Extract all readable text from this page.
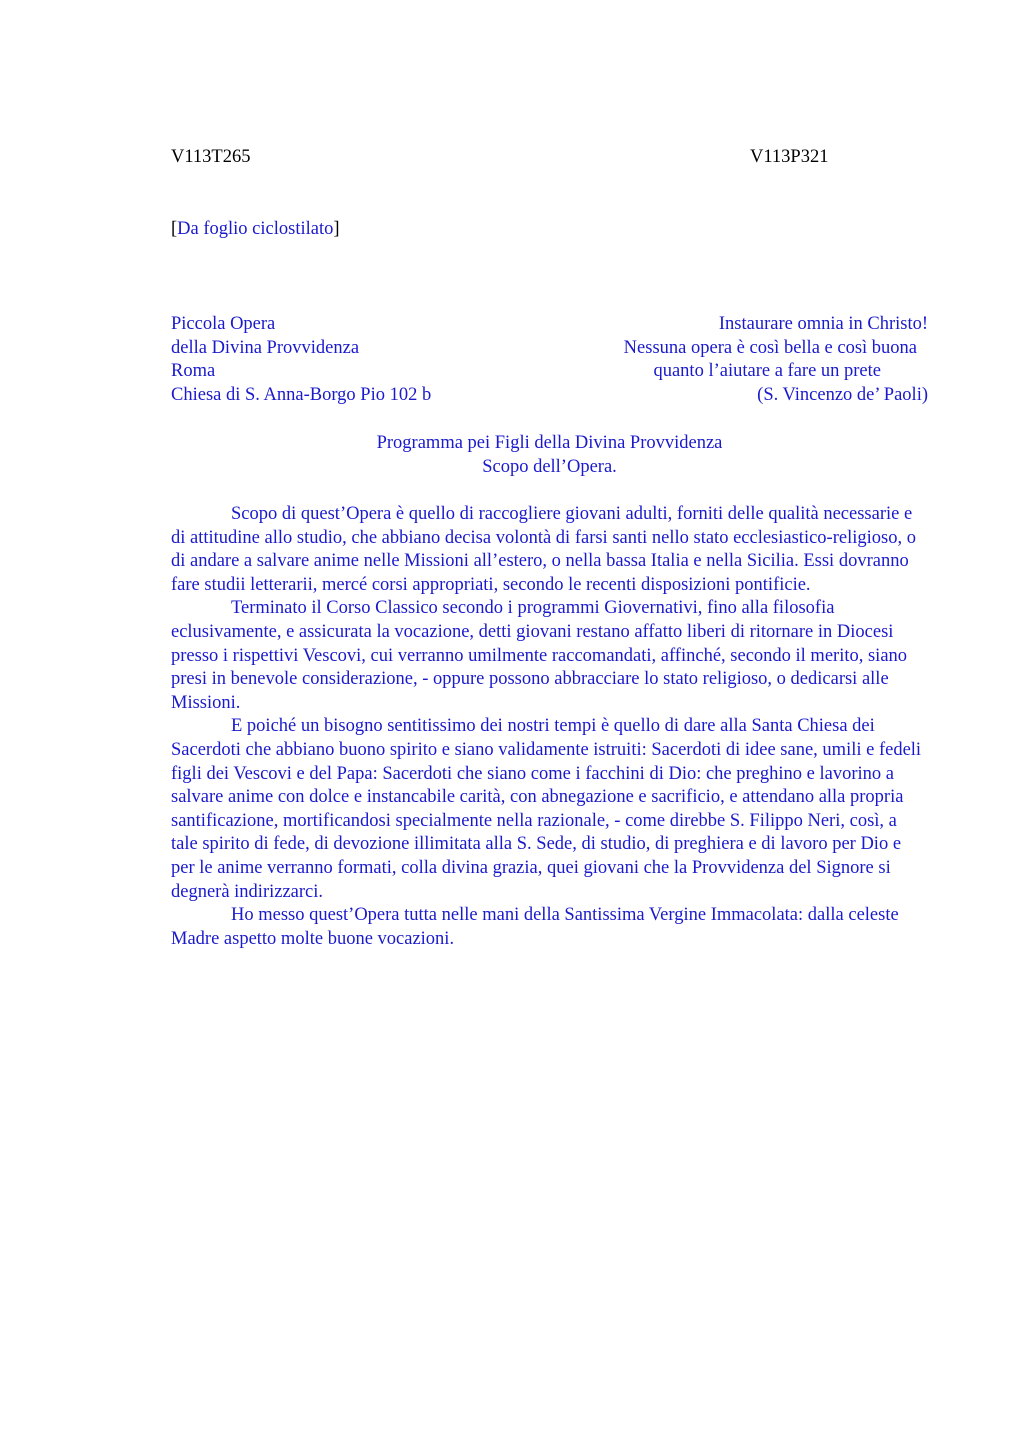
V113T265	V113P321
[Da foglio ciclostilato]
Piccola Opera
della Divina Provvidenza
Roma
Chiesa di S. Anna-Borgo Pio 102 b
Instaurare omnia in Christo!
Nessuna opera è così bella e così buona
quanto l’aiutare a fare un prete
(S. Vincenzo de’ Paoli)
Programma pei Figli della Divina Provvidenza
Scopo dell’Opera.

Scopo di quest’Opera è quello di raccogliere giovani adulti, forniti delle qualità necessarie e di attitudine allo studio, che abbiano decisa volontà di farsi santi nello stato ecclesiastico-religioso, o di andare a salvare anime nelle Missioni all’estero, o nella bassa Italia e nella Sicilia. Essi dovranno fare studii letterarii, mercé corsi appropriati, secondo le recenti disposizioni pontificie.

Terminato il Corso Classico secondo i programmi Giovernativi, fino alla filosofia eclusivamente, e assicurata la vocazione, detti giovani restano affatto liberi di ritornare in Diocesi presso i rispettivi Vescovi, cui verranno umilmente raccomandati, affinché, secondo il merito, siano presi in benevole considerazione, - oppure possono abbracciare lo stato religioso, o dedicarsi alle Missioni.

E poiché un bisogno sentitissimo dei nostri tempi è quello di dare alla Santa Chiesa dei Sacerdoti che abbiano buono spirito e siano validamente istruiti: Sacerdoti di idee sane, umili e fedeli figli dei Vescovi e del Papa: Sacerdoti che siano come i facchini di Dio: che preghino e lavorino a salvare anime con dolce e instancabile carità, con abnegazione e sacrificio, e attendano alla propria santificazione, mortificandosi specialmente nella razionale, - come direbbe S. Filippo Neri, così, a tale spirito di fede, di devozione illimitata alla S. Sede, di studio, di preghiera e di lavoro per Dio e per le anime verranno formati, colla divina grazia, quei giovani che la Provvidenza del Signore si degnerà indirizzarci.

Ho messo quest’Opera tutta nelle mani della Santissima Vergine Immacolata: dalla celeste Madre aspetto molte buone vocazioni.
